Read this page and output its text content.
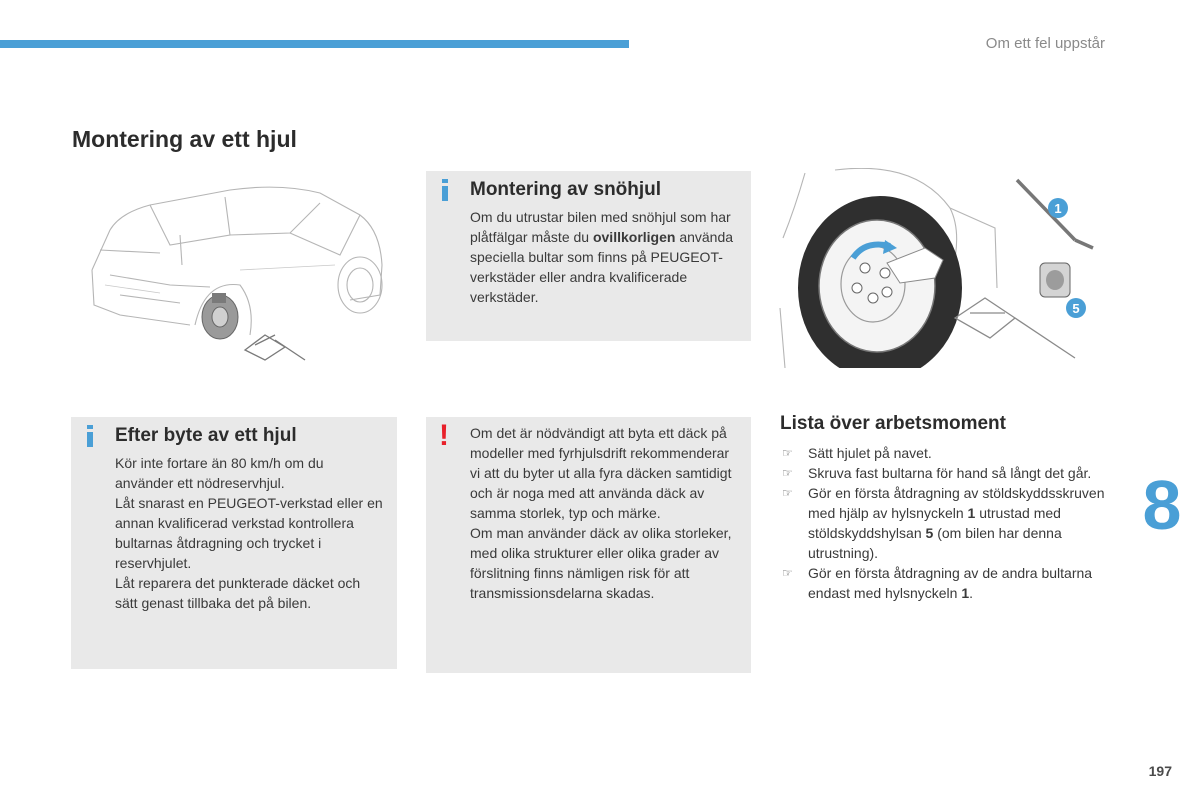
Om ett fel uppstår
Montering av ett hjul
Montering av snöhjul
Om du utrustar bilen med snöhjul som har plåtfälgar måste du ovillkorligen använda speciella bultar som finns på PEUGEOT-verkstäder eller andra kvalificerade verkstäder.
1
5
Efter byte av ett hjul

Kör inte fortare än 80 km/h om du använder ett nödreservhjul.

Låt snarast en PEUGEOT-verkstad eller en annan kvalificerad verkstad kontrollera bultarnas åtdragning och trycket i reservhjulet.

Låt reparera det punkterade däcket och sätt genast tillbaka det på bilen.

! Om det är nödvändigt att byta ett däck på modeller med fyrhjulsdrift rekommenderar vi att du byter ut alla fyra däcken samtidigt och är noga med att använda däck av samma storlek, typ och märke.

Om man använder däck av olika storleker, med olika strukturer eller olika grader av förslitning finns nämligen risk för att transmissionsdelarna skadas.

Lista över arbetsmoment
☞ Sätt hjulet på navet.
☞ Skruva fast bultarna för hand så långt det går.
☞ Gör en första åtdragning av stöldskyddsskruven med hjälp av hylsnyckeln 1 utrustad med stöldskyddshylsan 5 (om bilen har denna utrustning).
☞ Gör en första åtdragning av de andra bultarna endast med hylsnyckeln 1.
8
197
